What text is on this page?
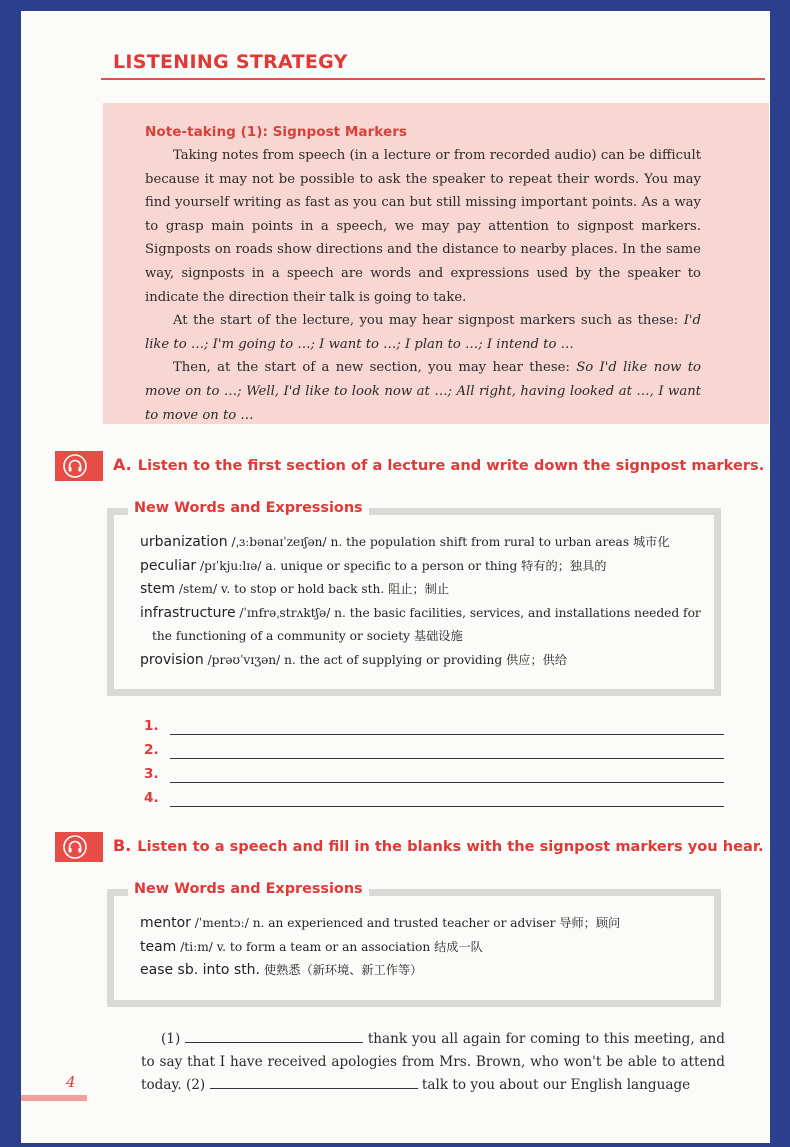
LISTENING STRATEGY
Note-taking (1): Signpost Markers

Taking notes from speech (in a lecture or from recorded audio) can be difficult because it may not be possible to ask the speaker to repeat their words. You may find yourself writing as fast as you can but still missing important points. As a way to grasp main points in a speech, we may pay attention to signpost markers. Signposts on roads show directions and the distance to nearby places. In the same way, signposts in a speech are words and expressions used by the speaker to indicate the direction their talk is going to take.

At the start of the lecture, you may hear signpost markers such as these: I'd like to …; I'm going to …; I want to …; I plan to …; I intend to …

Then, at the start of a new section, you may hear these: So I'd like now to move on to …; Well, I'd like to look now at …; All right, having looked at …, I want to move on to …

A. Listen to the first section of a lecture and write down the signpost markers.
New Words and Expressions
urbanization /ˌɜːbənaɪˈzeɪʃən/ n. the population shift from rural to urban areas 城市化
peculiar /pɪˈkjuːlɪə/ a. unique or specific to a person or thing 特有的；独具的
stem /stem/ v. to stop or hold back sth. 阻止；制止
infrastructure /ˈɪnfrəˌstrʌktʃə/ n. the basic facilities, services, and installations needed for
the functioning of a community or society 基础设施
provision /prəʊˈvɪʒən/ n. the act of supplying or providing 供应；供给
1.
2.
3.
4.
B. Listen to a speech and fill in the blanks with the signpost markers you hear.
New Words and Expressions
mentor /ˈmentɔː/ n. an experienced and trusted teacher or adviser 导师；顾问
team /tiːm/ v. to form a team or an association 结成一队
ease sb. into sth. 使熟悉（新环境、新工作等）
(1)	thank you all again for coming to this meeting, and to say that I have received apologies from Mrs. Brown, who won't be able to attend today. (2)	talk to you about our English language
4
